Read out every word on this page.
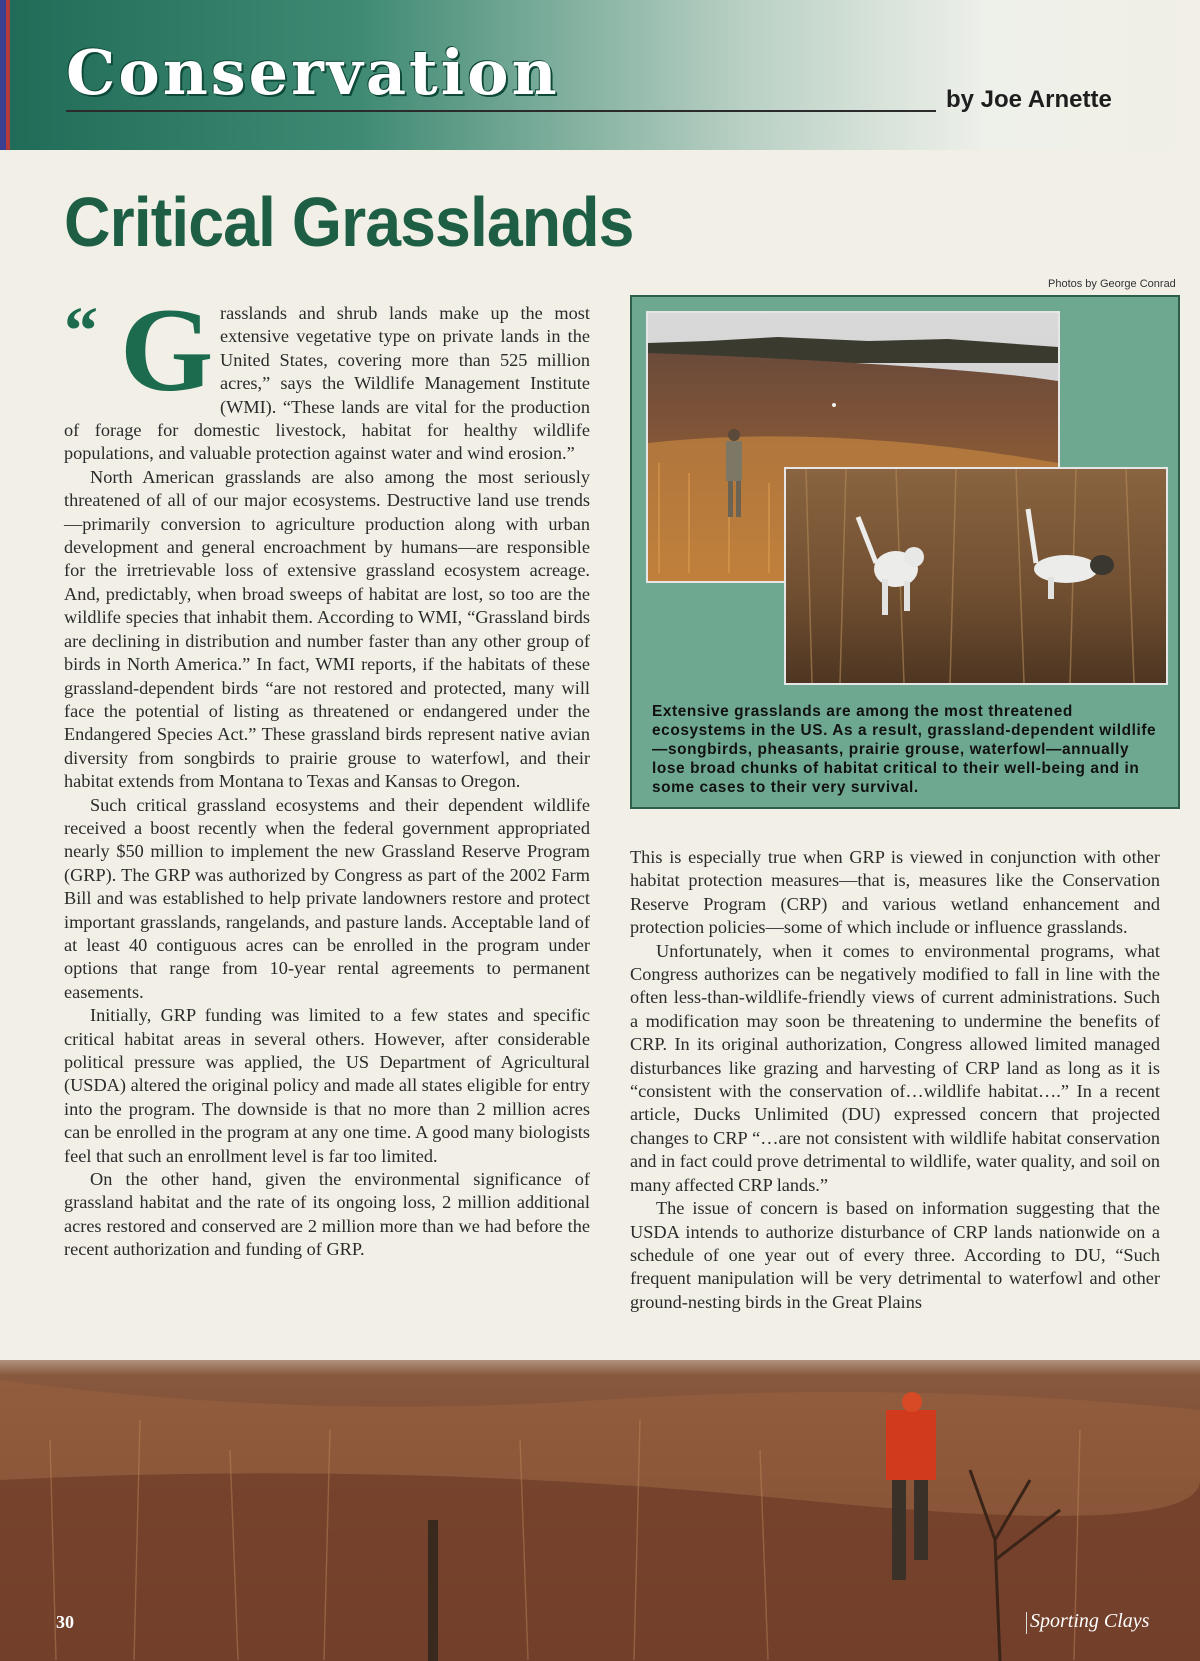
Conservation	by Joe Arnette
Critical Grasslands
“ G rasslands and shrub lands make up the most extensive vegetative type on private lands in the United States, covering more than 525 million acres,” says the Wildlife Management Institute (WMI). “These lands are vital for the production of forage for domestic livestock, habitat for healthy wildlife populations, and valuable protection against water and wind erosion.”

North American grasslands are also among the most seriously threatened of all of our major ecosystems. Destructive land use trends—primarily conversion to agriculture production along with urban development and general encroachment by humans—are responsible for the irretrievable loss of extensive grassland ecosystem acreage. And, predictably, when broad sweeps of habitat are lost, so too are the wildlife species that inhabit them. According to WMI, “Grassland birds are declining in distribution and number faster than any other group of birds in North America.” In fact, WMI reports, if the habitats of these grassland-dependent birds “are not restored and protected, many will face the potential of listing as threatened or endangered under the Endangered Species Act.” These grassland birds represent native avian diversity from songbirds to prairie grouse to waterfowl, and their habitat extends from Montana to Texas and Kansas to Oregon.

Such critical grassland ecosystems and their dependent wildlife received a boost recently when the federal government appropriated nearly $50 million to implement the new Grassland Reserve Program (GRP). The GRP was authorized by Congress as part of the 2002 Farm Bill and was established to help private landowners restore and protect important grasslands, rangelands, and pasture lands. Acceptable land of at least 40 contiguous acres can be enrolled in the program under options that range from 10-year rental agreements to permanent easements.

Initially, GRP funding was limited to a few states and specific critical habitat areas in several others. However, after considerable political pressure was applied, the US Department of Agricultural (USDA) altered the original policy and made all states eligible for entry into the program. The downside is that no more than 2 million acres can be enrolled in the program at any one time. A good many biologists feel that such an enrollment level is far too limited.

On the other hand, given the environmental significance of grassland habitat and the rate of its ongoing loss, 2 million additional acres restored and conserved are 2 million more than we had before the recent authorization and funding of GRP.

Photos by George Conrad
Extensive grasslands are among the most threatened ecosystems in the US. As a result, grassland-dependent wildlife—songbirds, pheasants, prairie grouse, waterfowl—annually lose broad chunks of habitat critical to their well-being and in some cases to their very survival.

This is especially true when GRP is viewed in conjunction with other habitat protection measures—that is, measures like the Conservation Reserve Program (CRP) and various wetland enhancement and protection policies—some of which include or influence grasslands.

Unfortunately, when it comes to environmental programs, what Congress authorizes can be negatively modified to fall in line with the often less-than-wildlife-friendly views of current administrations. Such a modification may soon be threatening to undermine the benefits of CRP. In its original authorization, Congress allowed limited managed disturbances like grazing and harvesting of CRP land as long as it is “consistent with the conservation of…wildlife habitat….” In a recent article, Ducks Unlimited (DU) expressed concern that projected changes to CRP “…are not consistent with wildlife habitat conservation and in fact could prove detrimental to wildlife, water quality, and soil on many affected CRP lands.”

The issue of concern is based on information suggesting that the USDA intends to authorize disturbance of CRP lands nationwide on a schedule of one year out of every three. According to DU, “Such frequent manipulation will be very detrimental to waterfowl and other ground-nesting birds in the Great Plains

30	Sporting Clays
